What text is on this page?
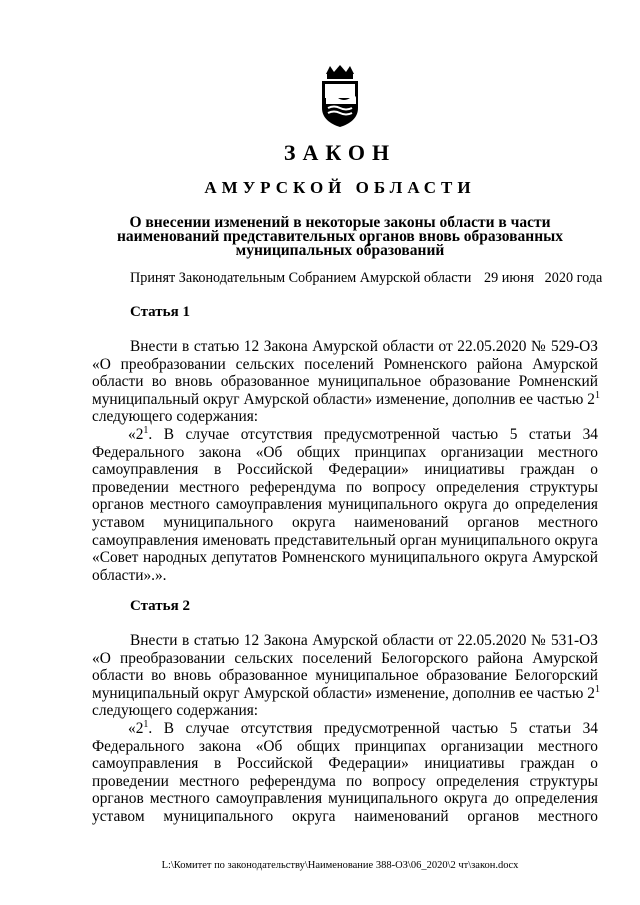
ЗАКОН
АМУРСКОЙ ОБЛАСТИ
О внесении изменений в некоторые законы области в части
наименований представительных органов вновь образованных
муниципальных образований
Принят Законодательным Собранием Амурской области 29 июня   2020 года
Статья 1
Внести в статью 12 Закона Амурской области от 22.05.2020 № 529-ОЗ
«О преобразовании сельских поселений Ромненского района Амурской
области во вновь образованное муниципальное образование Ромненский
муниципальный округ Амурской области» изменение, дополнив ее частью $2^1$
следующего содержания:
«$2^1$. В случае отсутствия предусмотренной частью 5 статьи 34
Федерального закона «Об общих принципах организации местного
самоуправления в Российской Федерации» инициативы граждан о
проведении местного референдума по вопросу определения структуры
органов местного самоуправления муниципального округа до определения
уставом муниципального округа наименований органов местного
самоуправления именовать представительный орган муниципального округа
«Совет народных депутатов Ромненского муниципального округа Амурской
области».».
Статья 2
Внести в статью 12 Закона Амурской области от 22.05.2020 № 531-ОЗ
«О преобразовании сельских поселений Белогорского района Амурской
области во вновь образованное муниципальное образование Белогорский
муниципальный округ Амурской области» изменение, дополнив ее частью $2^1$
следующего содержания:
«$2^1$. В случае отсутствия предусмотренной частью 5 статьи 34
Федерального закона «Об общих принципах организации местного
самоуправления в Российской Федерации» инициативы граждан о
проведении местного референдума по вопросу определения структуры
органов местного самоуправления муниципального округа до определения
уставом муниципального округа наименований органов местного
L:\Комитет по законодательству\Наименование 388-ОЗ\06_2020\2 чт\закон.docx
